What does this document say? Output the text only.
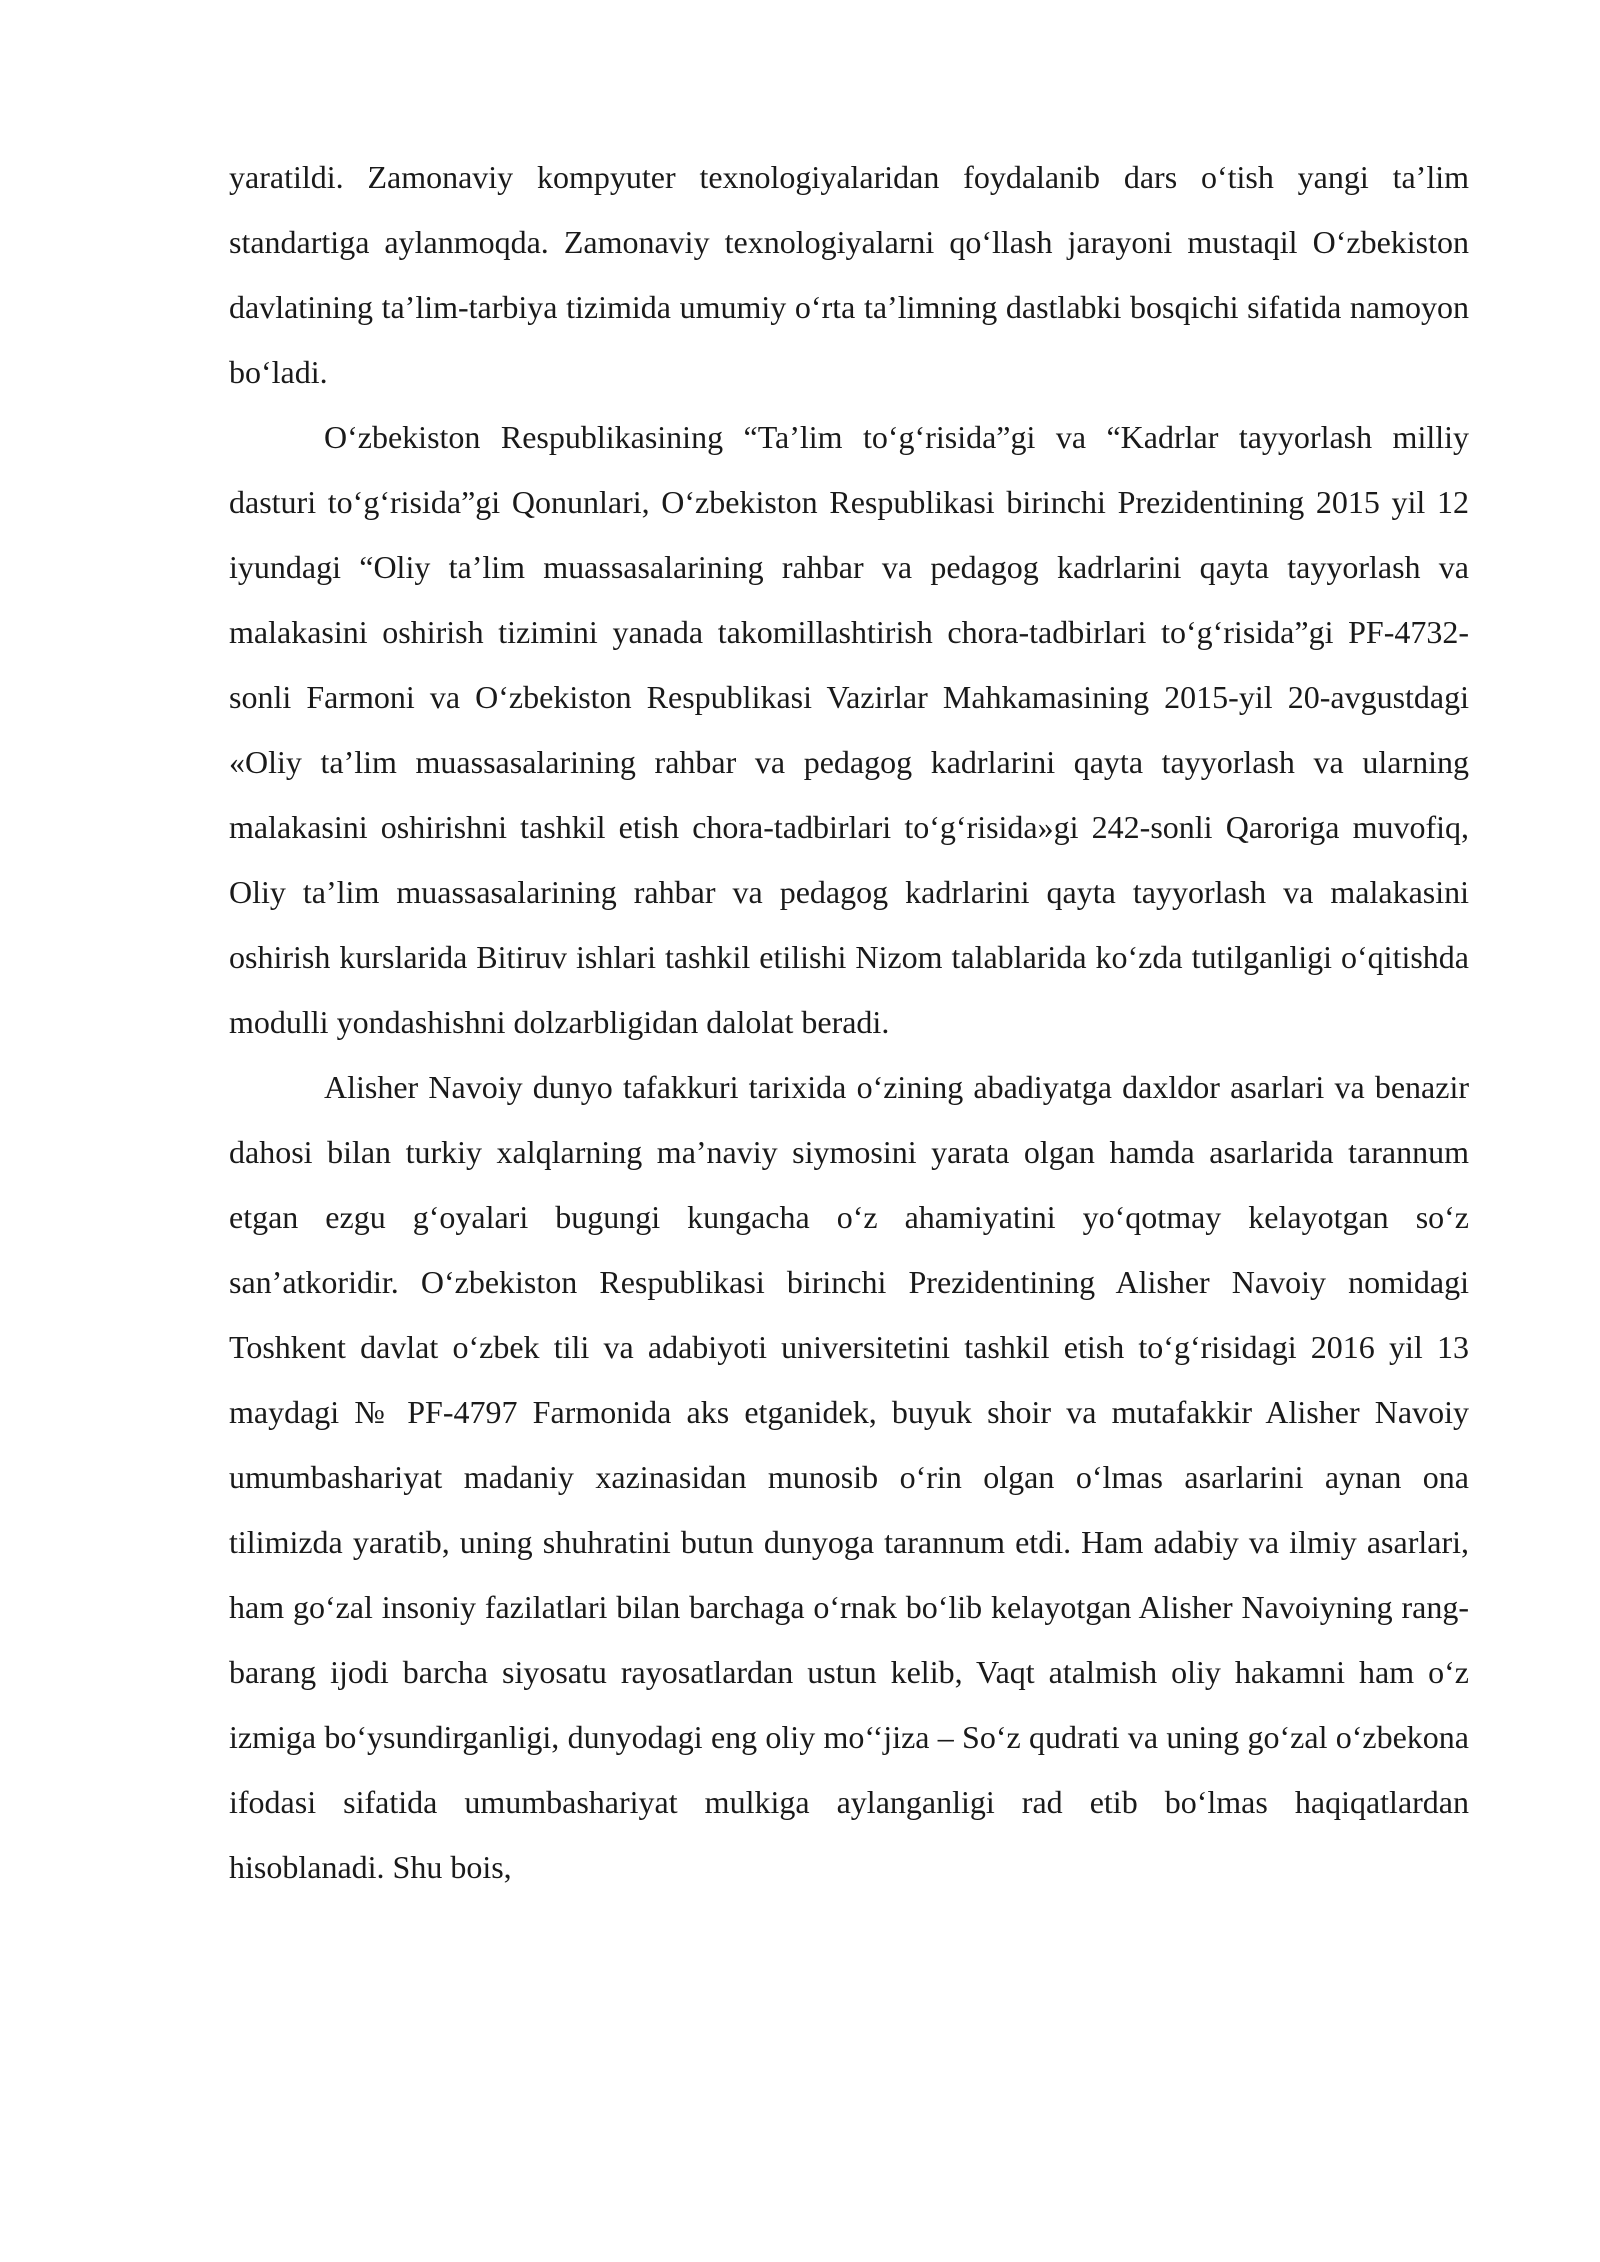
yaratildi. Zamonaviy kompyuter texnologiyalaridan foydalanib dars o‘tish yangi ta’lim standartiga aylanmoqda. Zamonaviy texnologiyalarni qo‘llash jarayoni mustaqil O‘zbekiston davlatining ta’lim-tarbiya tizimida umumiy o‘rta ta’limning dastlabki bosqichi sifatida namoyon bo‘ladi.

O‘zbekiston Respublikasining “Ta’lim to‘g‘risida”gi va “Kadrlar tayyorlash milliy dasturi to‘g‘risida”gi Qonunlari, O‘zbekiston Respublikasi birinchi Prezidentining 2015 yil 12 iyundagi “Oliy ta’lim muassasalarining rahbar va pedagog kadrlarini qayta tayyorlash va malakasini oshirish tizimini yanada takomillashtirish chora-tadbirlari to‘g‘risida”gi PF-4732-sonli Farmoni va O‘zbekiston Respublikasi Vazirlar Mahkamasining 2015-yil 20-avgustdagi «Oliy ta’lim muassasalarining rahbar va pedagog kadrlarini qayta tayyorlash va ularning malakasini oshirishni tashkil etish chora-tadbirlari to‘g‘risida»gi 242-sonli Qaroriga muvofiq, Oliy ta’lim muassasalarining rahbar va pedagog kadrlarini qayta tayyorlash va malakasini oshirish kurslarida Bitiruv ishlari tashkil etilishi Nizom talablarida ko‘zda tutilganligi o‘qitishda modulli yondashishni dolzarbligidan dalolat beradi.

Alisher Navoiy dunyo tafakkuri tarixida o‘zining abadiyatga daxldor asarlari va benazir dahosi bilan turkiy xalqlarning ma’naviy siymosini yarata olgan hamda asarlarida tarannum etgan ezgu g‘oyalari bugungi kungacha o‘z ahamiyatini yo‘qotmay kelayotgan so‘z san’atkoridir. O‘zbekiston Respublikasi birinchi Prezidentining Alisher Navoiy nomidagi Toshkent davlat o‘zbek tili va adabiyoti universitetini tashkil etish to‘g‘risidagi 2016 yil 13 maydagi № PF-4797 Farmonida aks etganidek, buyuk shoir va mutafakkir Alisher Navoiy umumbashariyat madaniy xazinasidan munosib o‘rin olgan o‘lmas asarlarini aynan ona tilimizda yaratib, uning shuhratini butun dunyoga tarannum etdi. Ham adabiy va ilmiy asarlari, ham go‘zal insoniy fazilatlari bilan barchaga o‘rnak bo‘lib kelayotgan Alisher Navoiyning rang-barang ijodi barcha siyosatu rayosatlardan ustun kelib, Vaqt atalmish oliy hakamni ham o‘z izmiga bo‘ysundirganligi, dunyodagi eng oliy mo‘‘jiza – So‘z qudrati va uning go‘zal o‘zbekona ifodasi sifatida umumbashariyat mulkiga aylanganligi rad etib bo‘lmas haqiqatlardan hisoblanadi. Shu bois,
